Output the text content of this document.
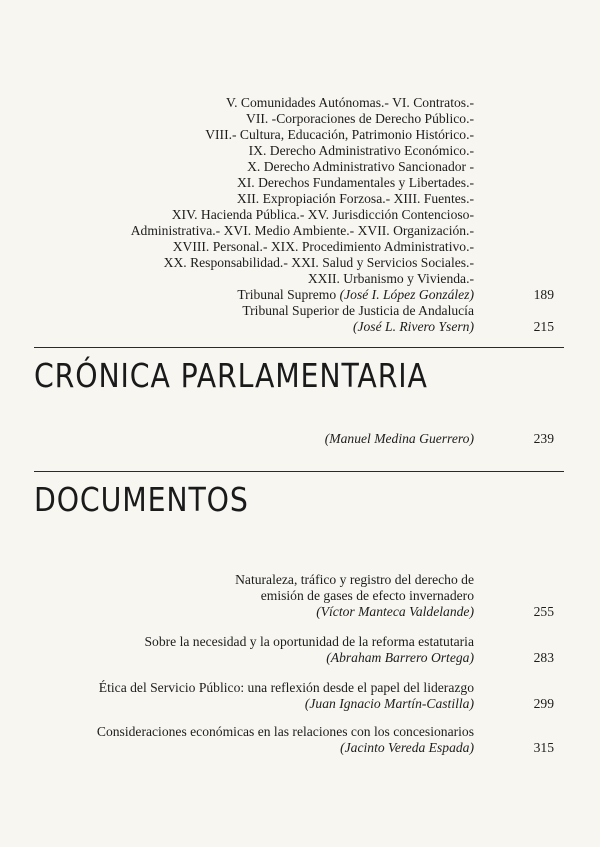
V. Comunidades Autónomas.- VI. Contratos.-
VII. -Corporaciones de Derecho Público.-
VIII.- Cultura, Educación, Patrimonio Histórico.-
IX. Derecho Administrativo Económico.-
X. Derecho Administrativo Sancionador -
XI. Derechos Fundamentales y Libertades.-
XII. Expropiación Forzosa.- XIII. Fuentes.-
XIV. Hacienda Pública.- XV. Jurisdicción Contencioso-
Administrativa.- XVI. Medio Ambiente.- XVII. Organización.-
XVIII. Personal.- XIX. Procedimiento Administrativo.-
XX. Responsabilidad.- XXI. Salud y Servicios Sociales.-
XXII. Urbanismo y Vivienda.-
Tribunal Supremo (José I. López González)	189
Tribunal Superior de Justicia de Andalucía
(José L. Rivero Ysern)	215
CRÓNICA PARLAMENTARIA
(Manuel Medina Guerrero)	239
DOCUMENTOS
Naturaleza, tráfico y registro del derecho de
emisión de gases de efecto invernadero
(Víctor Manteca Valdelande)	255
Sobre la necesidad y la oportunidad de la reforma estatutaria
(Abraham Barrero Ortega)	283
Ética del Servicio Público: una reflexión desde el papel del liderazgo
(Juan Ignacio Martín-Castilla)	299
Consideraciones económicas en las relaciones con los concesionarios
(Jacinto Vereda Espada)	315
